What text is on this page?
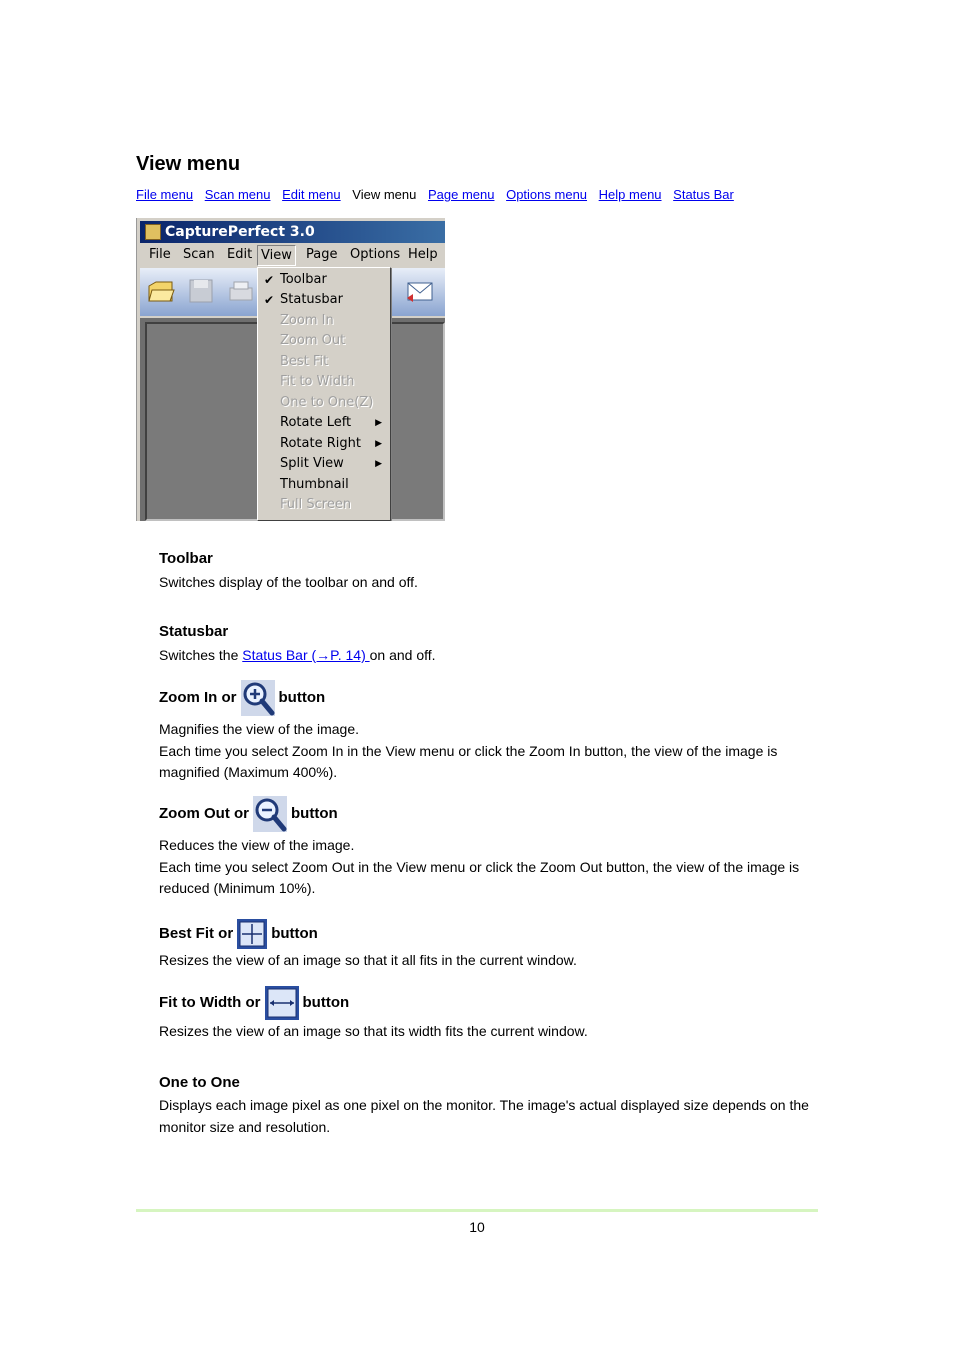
View menu
File menu Scan menu Edit menu View menu Page menu Options menu Help menu Status Bar
CapturePerfect 3.0
File Scan Edit View	Page Options Help
✔ Toolbar
✔ Statusbar
Zoom In
Zoom Out
Best Fit
Fit to Width
One to One(Z)
Rotate Left	▶
Rotate Right ▶
Split View	▶
Thumbnail
Full Screen
Toolbar

Switches display of the toolbar on and off.

Statusbar

Switches the Status Bar (→P. 14) on and off.

Zoom In or	button

Magnifies the view of the image.

Each time you select Zoom In in the View menu or click the Zoom In button, the view of the image is magnified (Maximum 400%).

Zoom Out or	button

Reduces the view of the image.

Each time you select Zoom Out in the View menu or click the Zoom Out button, the view of the image is reduced (Minimum 10%).

Best Fit or	button

Resizes the view of an image so that it all fits in the current window.

Fit to Width or	button

Resizes the view of an image so that its width fits the current window.

One to One

Displays each image pixel as one pixel on the monitor. The image's actual displayed size depends on the monitor size and resolution.

10
